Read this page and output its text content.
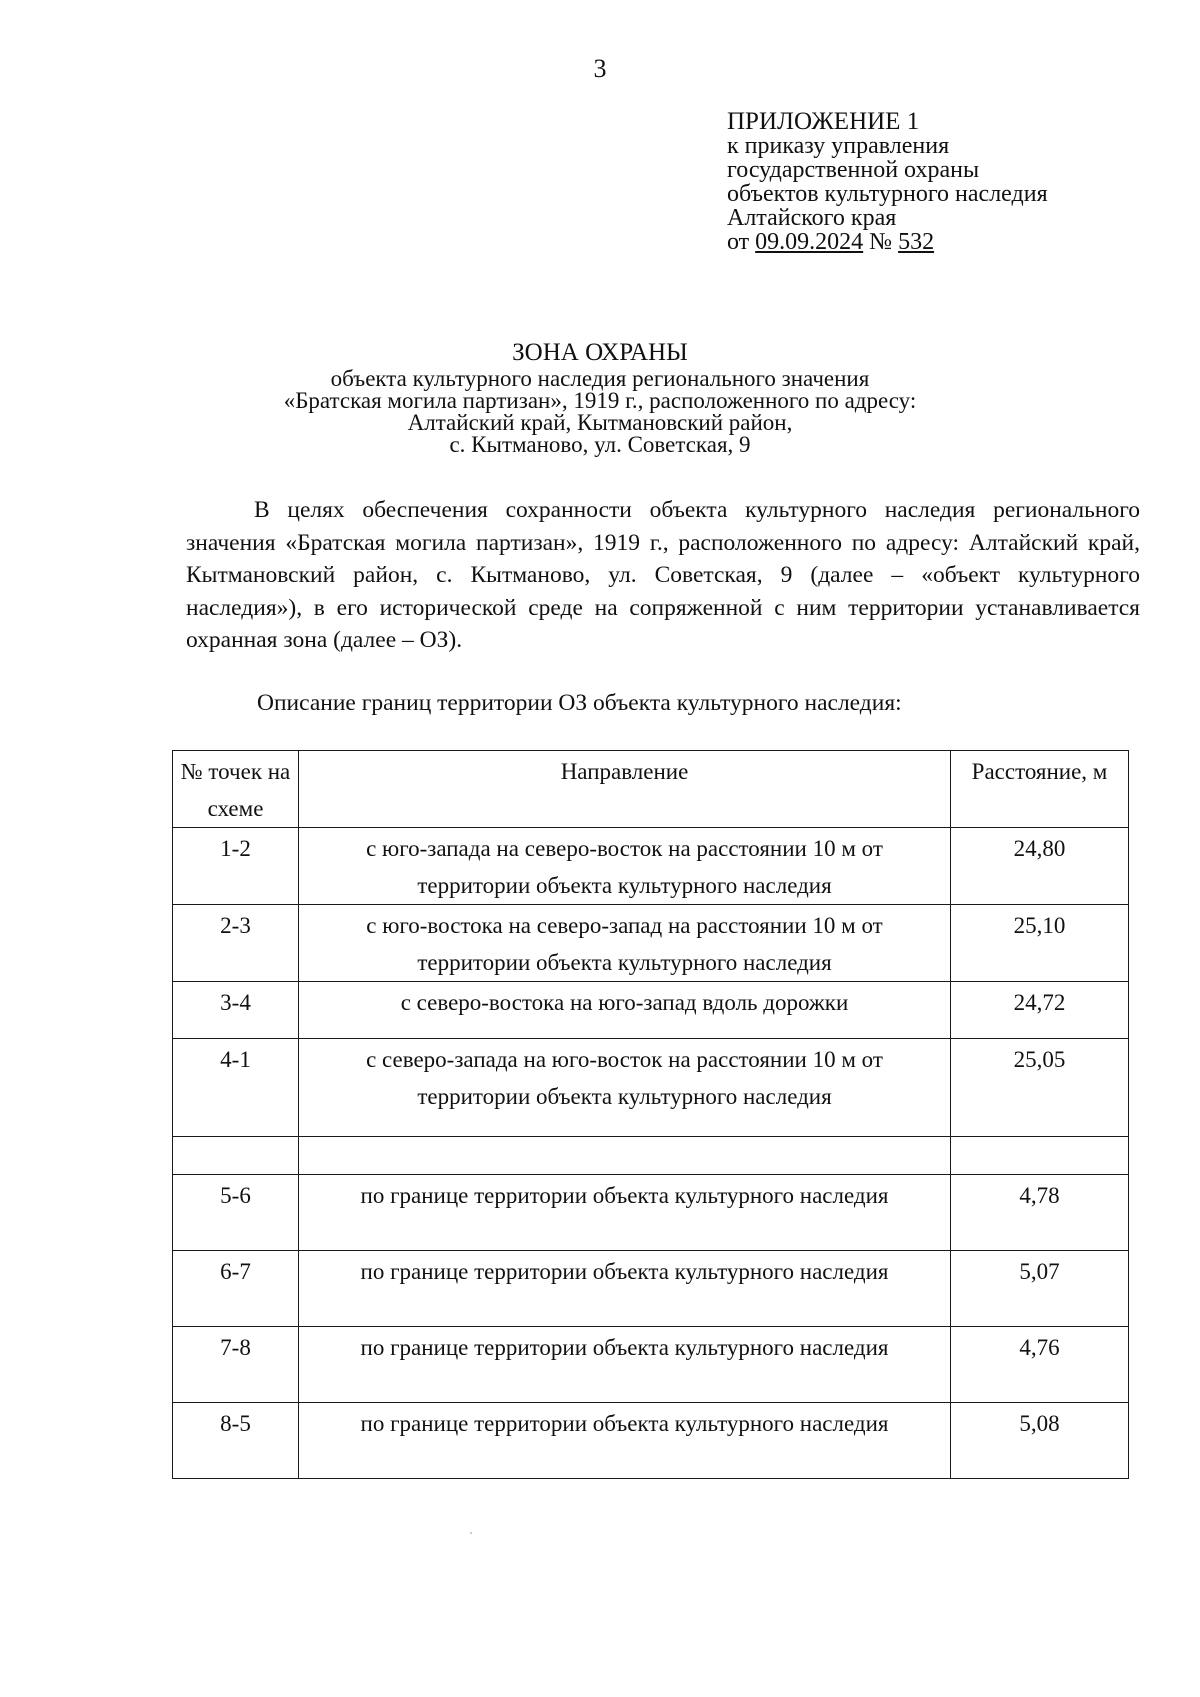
3
ПРИЛОЖЕНИЕ 1
к приказу управления
государственной охраны
объектов культурного наследия
Алтайского края
от 09.09.2024 № 532
ЗОНА ОХРАНЫ
объекта культурного наследия регионального значения
«Братская могила партизан», 1919 г., расположенного по адресу:
Алтайский край, Кытмановский район,
с. Кытманово, ул. Советская, 9
В целях обеспечения сохранности объекта культурного наследия регионального значения «Братская могила партизан», 1919 г., расположенного по адресу: Алтайский край, Кытмановский район, с. Кытманово, ул. Советская, 9 (далее – «объект культурного наследия»), в его исторической среде на сопряженной с ним территории устанавливается охранная зона (далее – ОЗ).
Описание границ территории ОЗ объекта культурного наследия:
№ точек на схеме	Направление	Расстояние, м
1-2	с юго-запада на северо-восток на расстоянии 10 м от территории объекта культурного наследия	24,80
2-3	с юго-востока на северо-запад на расстоянии 10 м от территории объекта культурного наследия	25,10
3-4	с северо-востока на юго-запад вдоль дорожки	24,72
4-1	с северо-запада на юго-восток на расстоянии 10 м от территории объекта культурного наследия	25,05

5-6	по границе территории объекта культурного наследия	4,78
6-7	по границе территории объекта культурного наследия	5,07
7-8	по границе территории объекта культурного наследия	4,76
8-5	по границе территории объекта культурного наследия	5,08
